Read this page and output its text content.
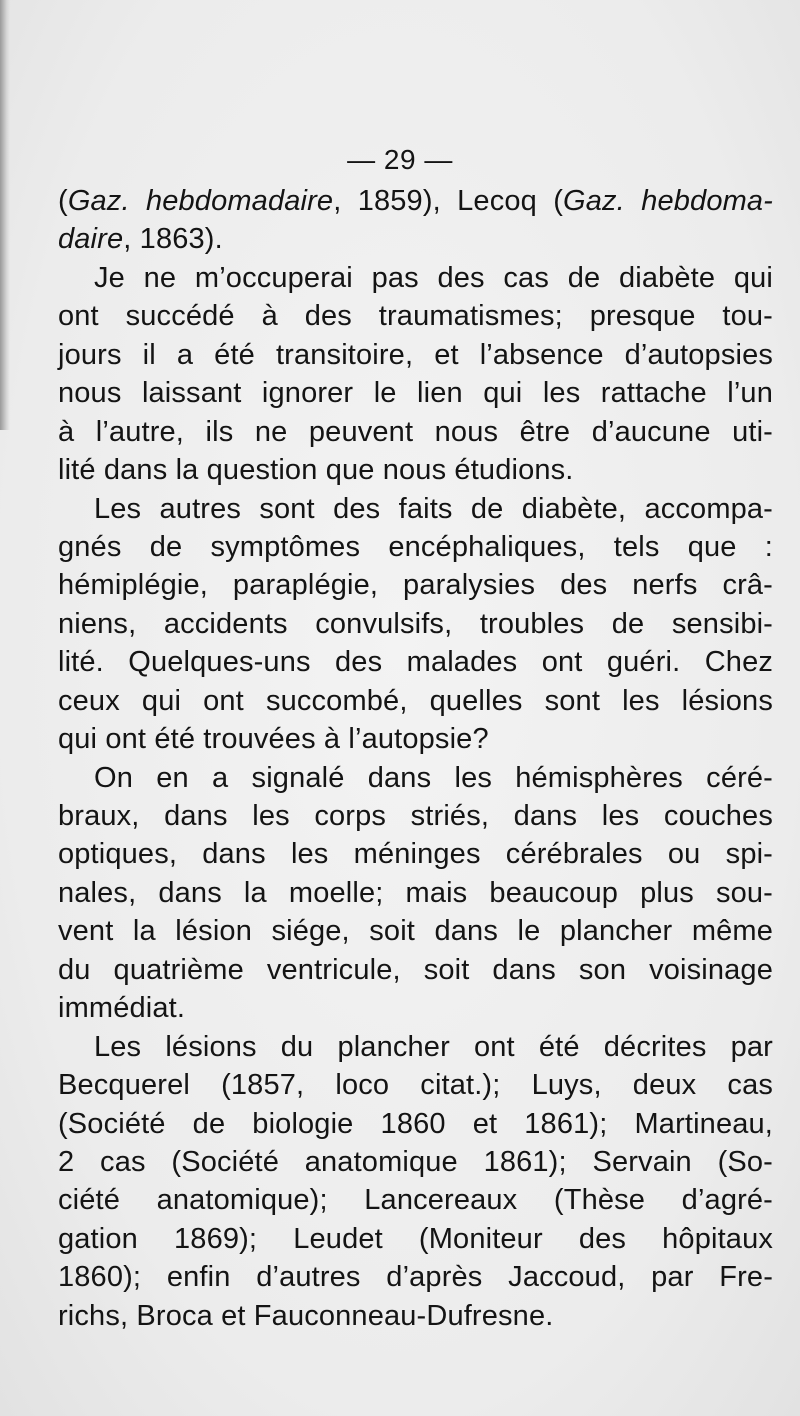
— 29 —
(Gaz. hebdomadaire, 1859), Lecoq (Gaz. hebdoma-
daire, 1863).
Je ne m’occuperai pas des cas de diabète qui
ont succédé à des traumatismes; presque tou-
jours il a été transitoire, et l’absence d’autopsies
nous laissant ignorer le lien qui les rattache l’un
à l’autre, ils ne peuvent nous être d’aucune uti-
lité dans la question que nous étudions.
Les autres sont des faits de diabète, accompa-
gnés de symptômes encéphaliques, tels que :
hémiplégie, paraplégie, paralysies des nerfs crâ-
niens, accidents convulsifs, troubles de sensibi-
lité. Quelques-uns des malades ont guéri. Chez
ceux qui ont succombé, quelles sont les lésions
qui ont été trouvées à l’autopsie?
On en a signalé dans les hémisphères céré-
braux, dans les corps striés, dans les couches
optiques, dans les méninges cérébrales ou spi-
nales, dans la moelle; mais beaucoup plus sou-
vent la lésion siége, soit dans le plancher même
du quatrième ventricule, soit dans son voisinage
immédiat.
Les lésions du plancher ont été décrites par
Becquerel (1857, loco citat.); Luys, deux cas
(Société de biologie 1860 et 1861); Martineau,
2 cas (Société anatomique 1861); Servain (So-
ciété anatomique); Lancereaux (Thèse d’agré-
gation 1869); Leudet (Moniteur des hôpitaux
1860); enfin d’autres d’après Jaccoud, par Fre-
richs, Broca et Fauconneau-Dufresne.
